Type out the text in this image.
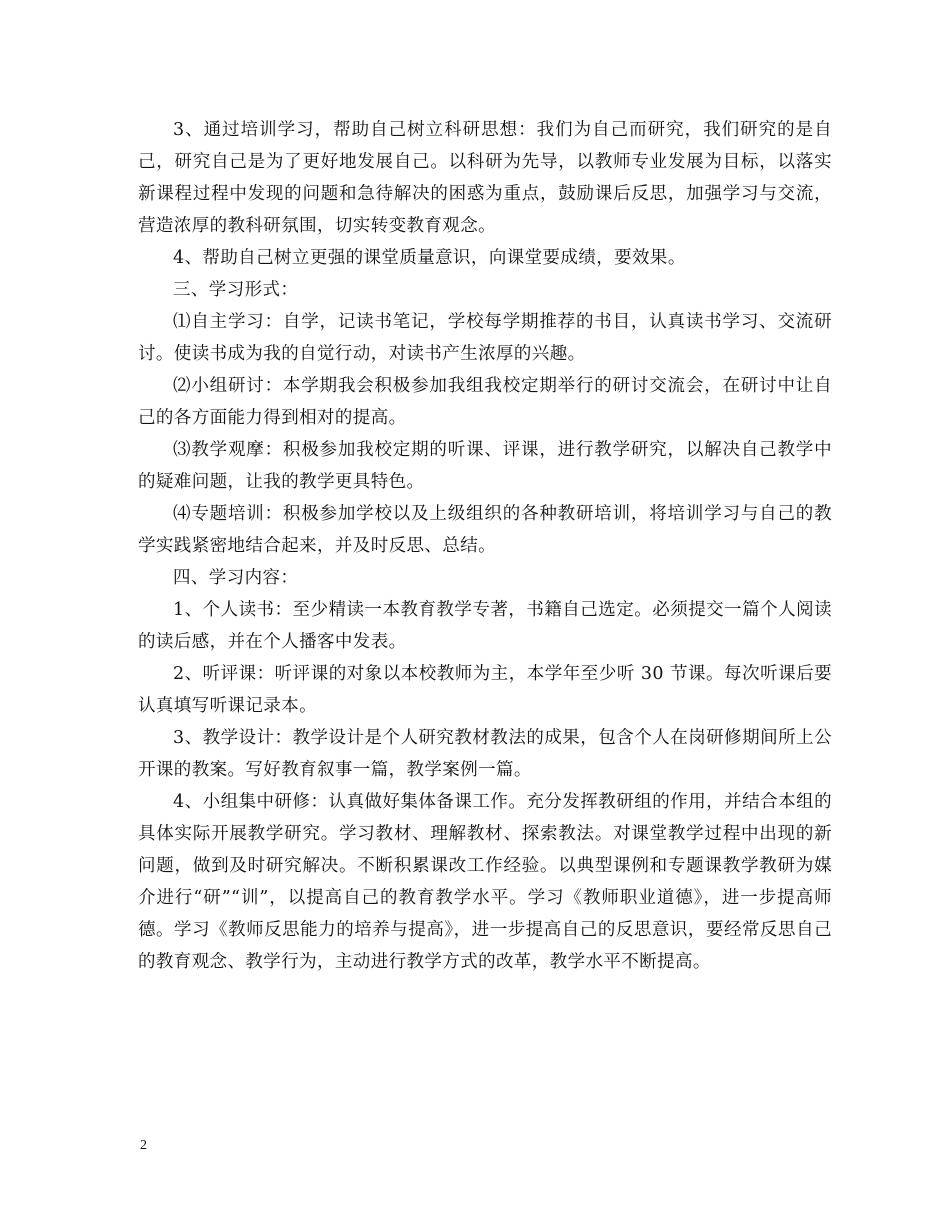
3、通过培训学习，帮助自己树立科研思想：我们为自己而研究，我们研究的是自己，研究自己是为了更好地发展自己。以科研为先导，以教师专业发展为目标，以落实新课程过程中发现的问题和急待解决的困惑为重点，鼓励课后反思，加强学习与交流，营造浓厚的教科研氛围，切实转变教育观念。

4、帮助自己树立更强的课堂质量意识，向课堂要成绩，要效果。

三、学习形式：

⑴自主学习：自学，记读书笔记，学校每学期推荐的书目，认真读书学习、交流研讨。使读书成为我的自觉行动，对读书产生浓厚的兴趣。

⑵小组研讨：本学期我会积极参加我组我校定期举行的研讨交流会，在研讨中让自己的各方面能力得到相对的提高。

⑶教学观摩：积极参加我校定期的听课、评课，进行教学研究，以解决自己教学中的疑难问题，让我的教学更具特色。

⑷专题培训：积极参加学校以及上级组织的各种教研培训，将培训学习与自己的教学实践紧密地结合起来，并及时反思、总结。

四、学习内容：

1、个人读书：至少精读一本教育教学专著，书籍自己选定。必须提交一篇个人阅读的读后感，并在个人播客中发表。

2、听评课：听评课的对象以本校教师为主，本学年至少听 30 节课。每次听课后要认真填写听课记录本。

3、教学设计：教学设计是个人研究教材教法的成果，包含个人在岗研修期间所上公开课的教案。写好教育叙事一篇，教学案例一篇。

4、小组集中研修：认真做好集体备课工作。充分发挥教研组的作用，并结合本组的具体实际开展教学研究。学习教材、理解教材、探索教法。对课堂教学过程中出现的新问题，做到及时研究解决。不断积累课改工作经验。以典型课例和专题课教学教研为媒介进行“研”“训”，以提高自己的教育教学水平。学习《教师职业道德》，进一步提高师德。学习《教师反思能力的培养与提高》，进一步提高自己的反思意识，要经常反思自己的教育观念、教学行为，主动进行教学方式的改革，教学水平不断提高。

2
